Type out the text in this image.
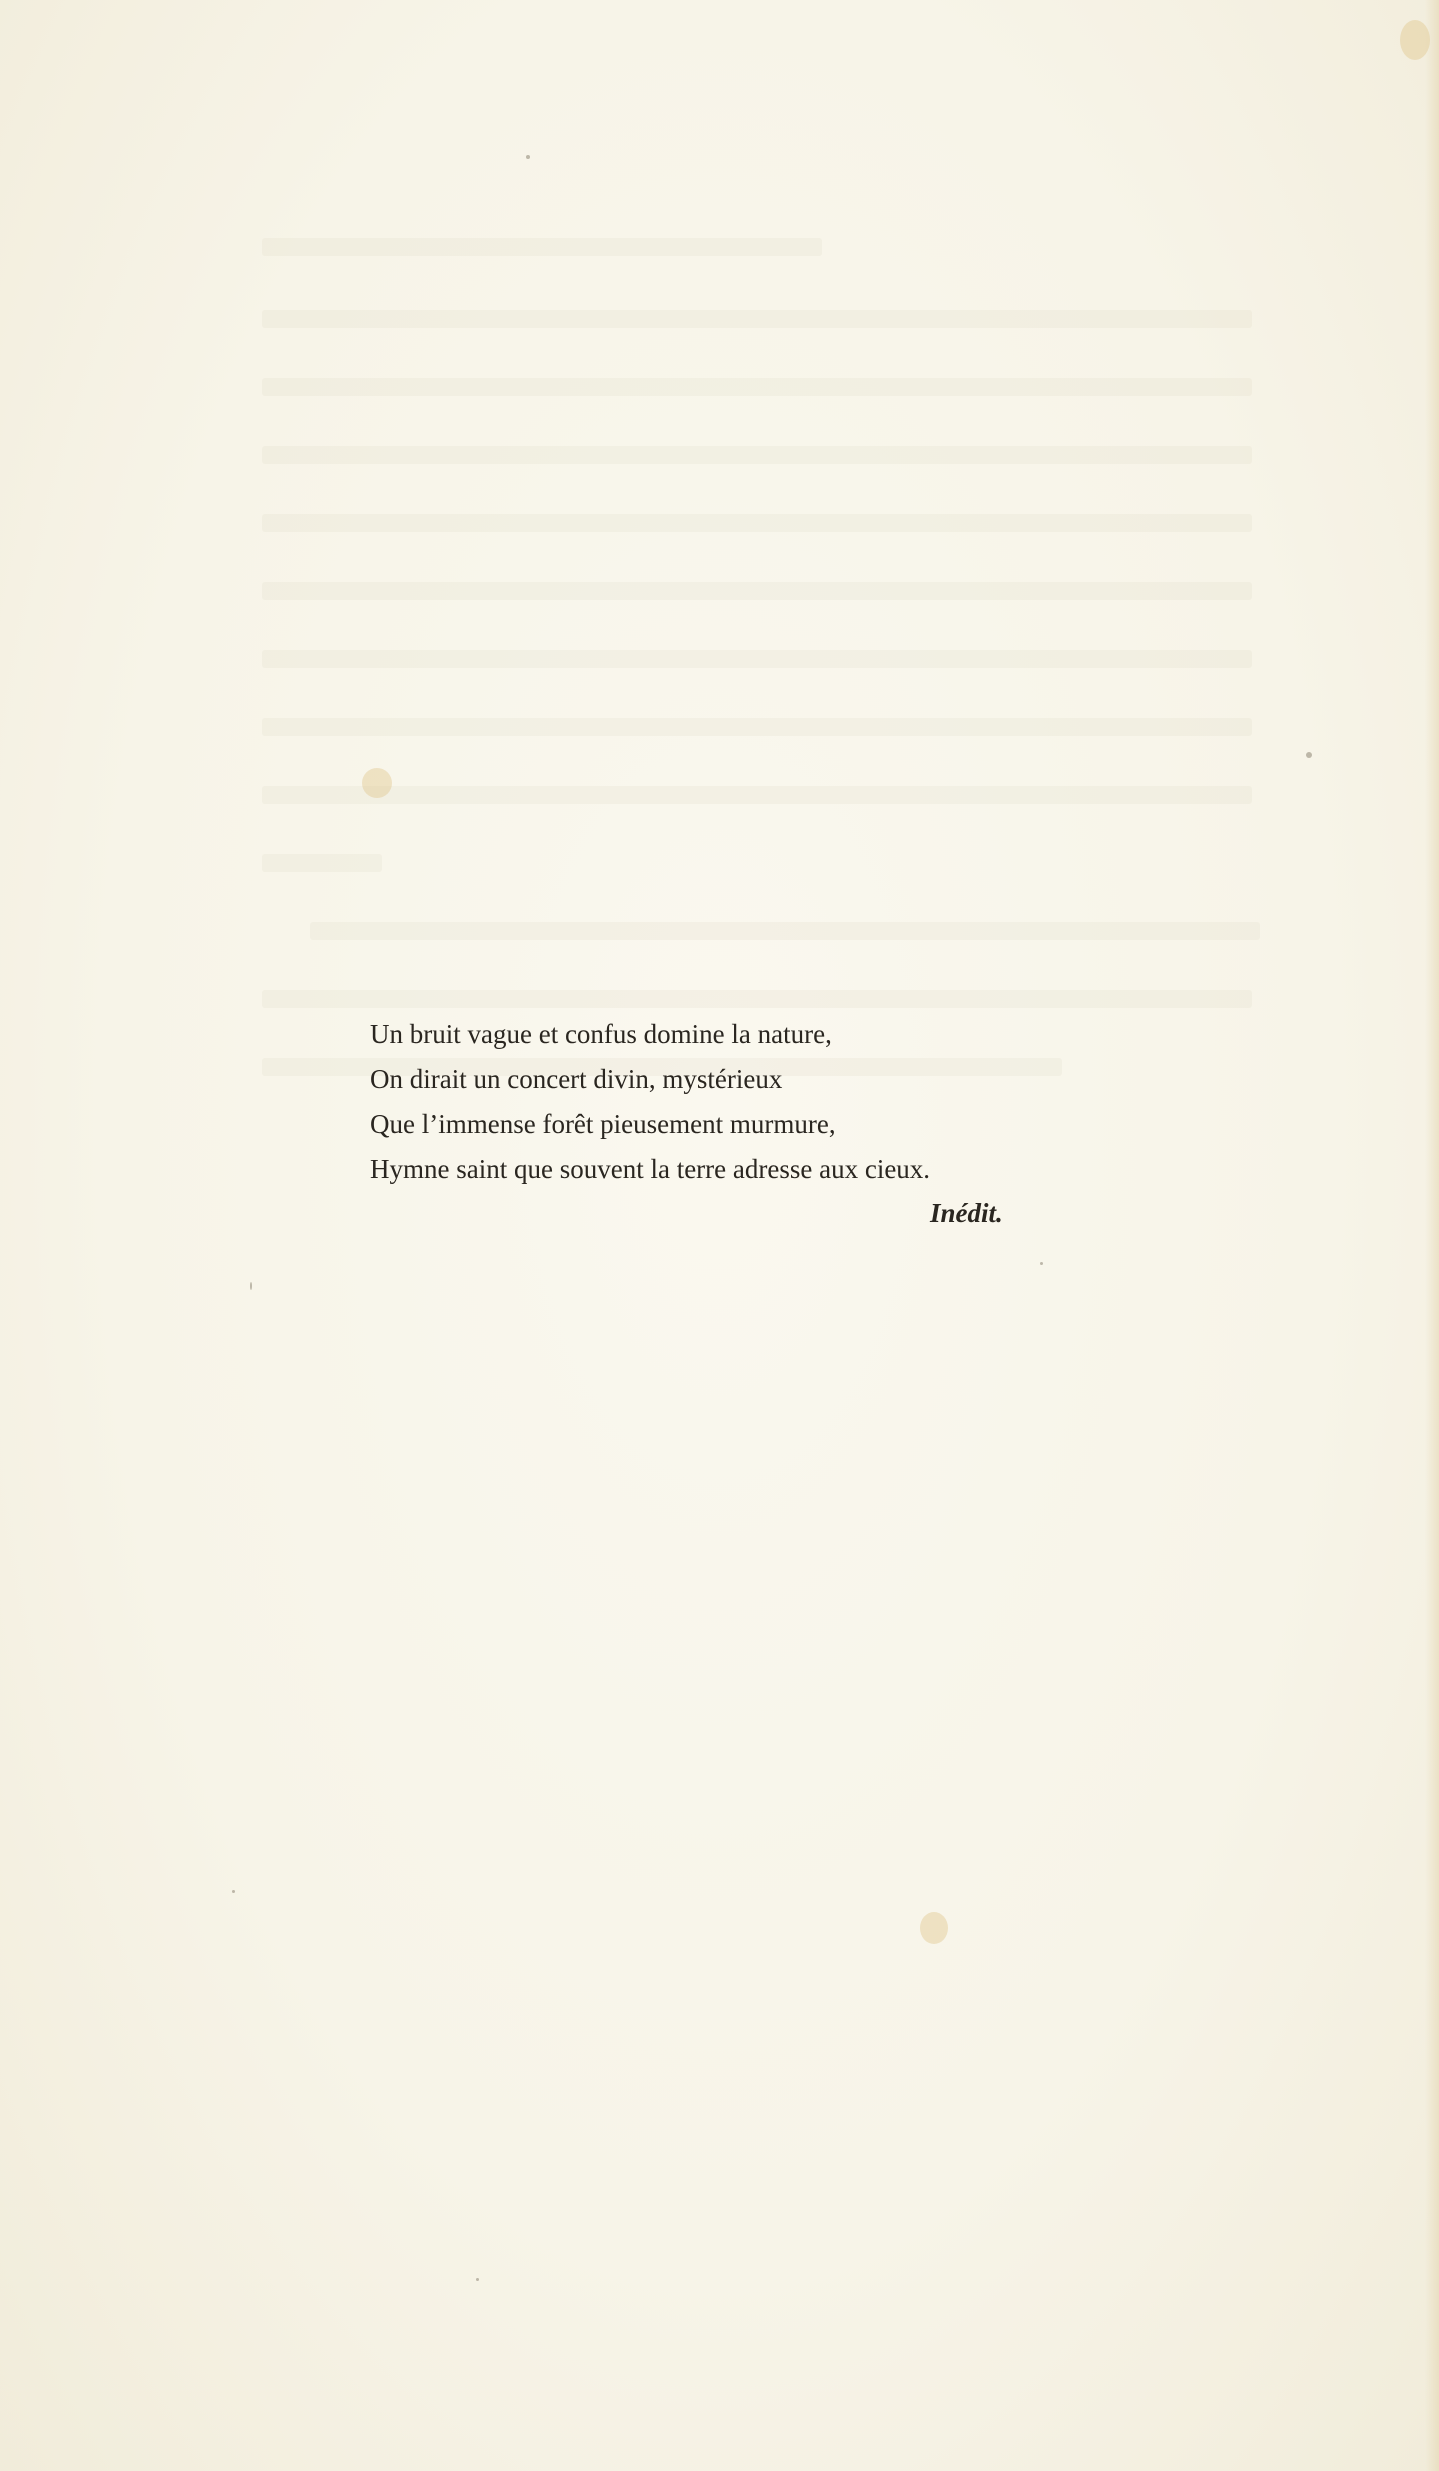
Un bruit vague et confus domine la nature,
On dirait un concert divin, mystérieux
Que l’immense forêt pieusement murmure,
Hymne saint que souvent la terre adresse aux cieux.
Inédit.
